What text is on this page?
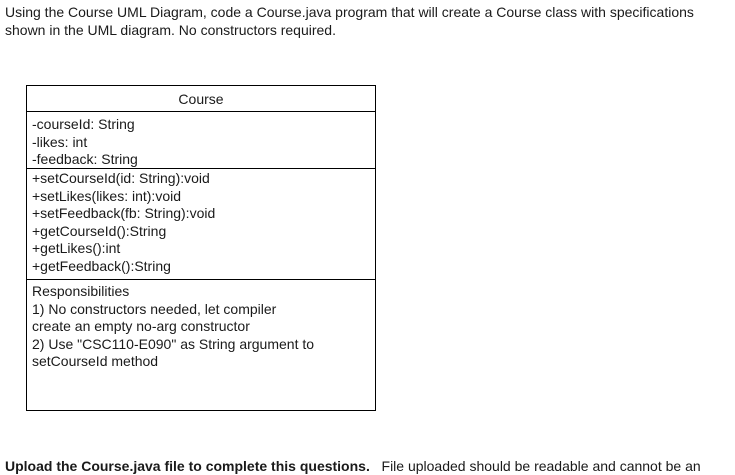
Using the Course UML Diagram, code a Course.java program that will create a Course class with specifications shown in the UML diagram. No constructors required.

Course
-courseId: String
-likes: int
-feedback: String
+setCourseId(id: String):void
+setLikes(likes: int):void
+setFeedback(fb: String):void
+getCourseId():String
+getLikes():int
+getFeedback():String
Responsibilities
1) No constructors needed, let compiler
create an empty no-arg constructor
2) Use "CSC110-E090" as String argument to
setCourseId method

Upload the Course.java file to complete this questions. File uploaded should be readable and cannot be an
